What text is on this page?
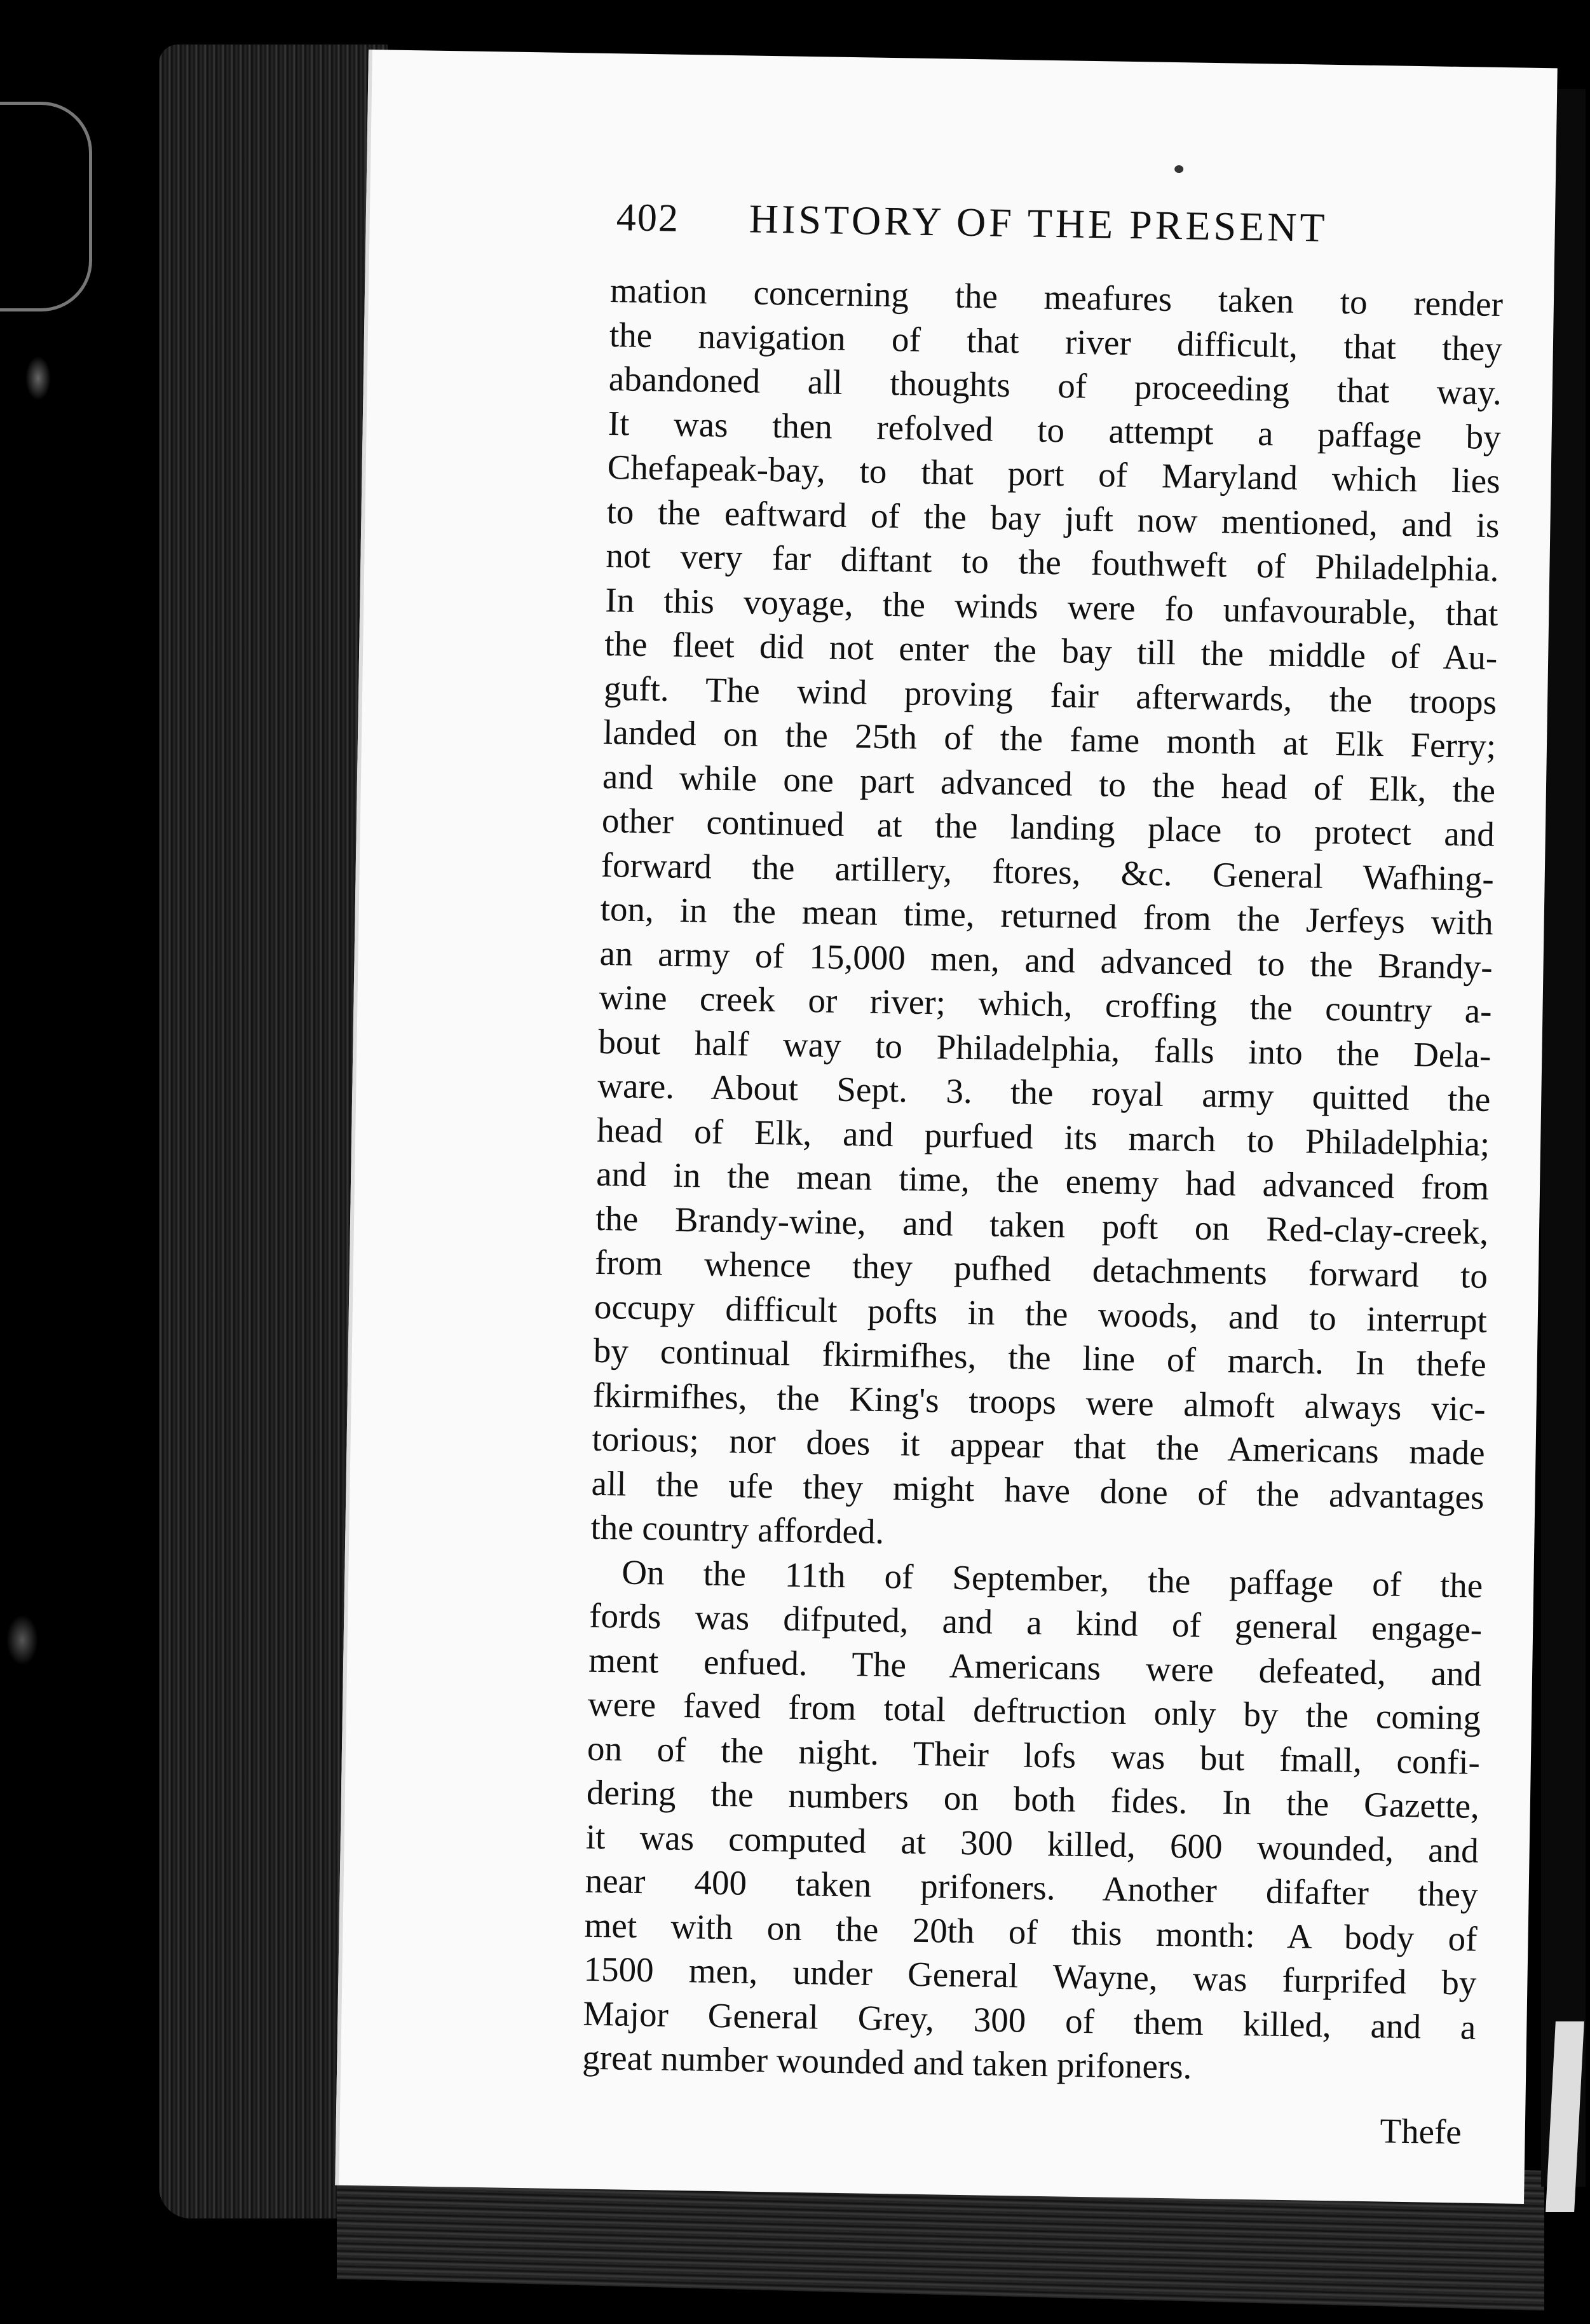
402 HISTORY OF THE PRESENT
mation concerning the meafures taken to render
the navigation of that river difficult, that they
abandoned all thoughts of proceeding that way.
It was then refolved to attempt a paffage by
Chefapeak-bay, to that port of Maryland which lies
to the eaftward of the bay juft now mentioned, and is
not very far diftant to the fouthweft of Philadelphia.
In this voyage, the winds were fo unfavourable, that
the fleet did not enter the bay till the middle of Au-
guft. The wind proving fair afterwards, the troops
landed on the 25th of the fame month at Elk Ferry;
and while one part advanced to the head of Elk, the
other continued at the landing place to protect and
forward the artillery, ftores, &c. General Wafhing-
ton, in the mean time, returned from the Jerfeys with
an army of 15,000 men, and advanced to the Brandy-
wine creek or river; which, croffing the country a-
bout half way to Philadelphia, falls into the Dela-
ware. About Sept. 3. the royal army quitted the
head of Elk, and purfued its march to Philadelphia;
and in the mean time, the enemy had advanced from
the Brandy-wine, and taken poft on Red-clay-creek,
from whence they pufhed detachments forward to
occupy difficult pofts in the woods, and to interrupt
by continual fkirmifhes, the line of march. In thefe
fkirmifhes, the King's troops were almoft always vic-
torious; nor does it appear that the Americans made
all the ufe they might have done of the advantages
the country afforded.
On the 11th of September, the paffage of the
fords was difputed, and a kind of general engage-
ment enfued. The Americans were defeated, and
were faved from total deftruction only by the coming
on of the night. Their lofs was but fmall, confi-
dering the numbers on both fides. In the Gazette,
it was computed at 300 killed, 600 wounded, and
near 400 taken prifoners. Another difafter they
met with on the 20th of this month: A body of
1500 men, under General Wayne, was furprifed by
Major General Grey, 300 of them killed, and a
great number wounded and taken prifoners.
Thefe
